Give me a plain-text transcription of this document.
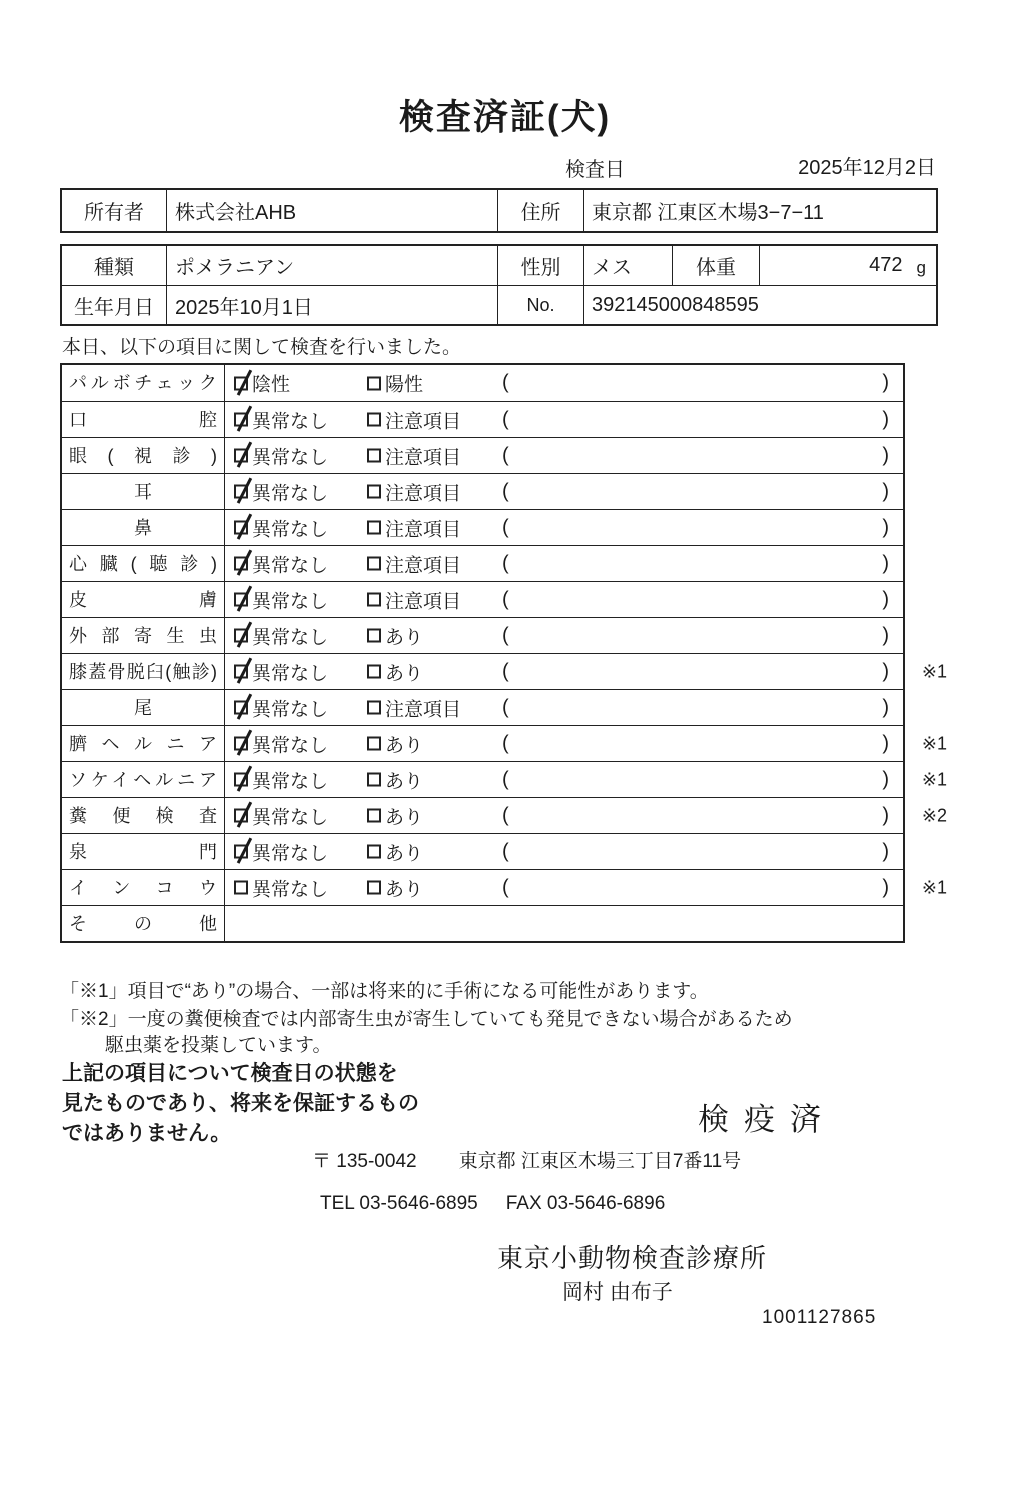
検査済証(犬)
検査日	2025年12月2日
所有者	株式会社AHB	住所	東京都 江東区木場3−7−11
種類	ポメラニアン	性別	メス	体重	472 g
生年月日	2025年10月1日	No.	392145000848595
本日、以下の項目に関して検査を行いました。
パルボチェック	陰性	陽性	(	)
口腔	異常なし	注意項目 (	)
眼(視診)	異常なし	注意項目 (	)
耳	異常なし	注意項目 (	)
鼻	異常なし	注意項目 (	)
心臓(聴診)	異常なし	注意項目 (	)
皮膚	異常なし	注意項目 (	)
外部寄生虫	異常なし	あり	(	)
膝蓋骨脱臼(触診)	異常なし	あり	(	) ※1
尾	異常なし	注意項目 (	)
臍ヘルニア	異常なし	あり	(	) ※1
ソケイヘルニア	異常なし	あり	(	) ※1
糞便検査	異常なし	あり	(	) ※2
泉門	異常なし	あり	(	)
インコウ	異常なし	あり	(	) ※1
その他
「※1」項目で“あり”の場合、一部は将来的に手術になる可能性があります。
「※2」一度の糞便検査では内部寄生虫が寄生していても発見できない場合があるため
駆虫薬を投薬しています。
上記の項目について検査日の状態を
見たものであり、将来を保証するもの
ではありません。	検疫済
〒 135-0042 東京都 江東区木場三丁目7番11号
TEL 03-5646-6895 FAX 03-5646-6896
東京小動物検査診療所
岡村 由布子
1001127865
